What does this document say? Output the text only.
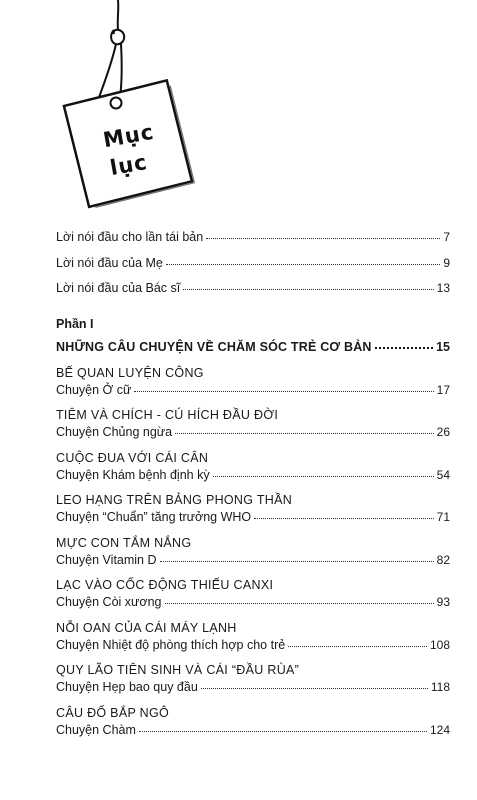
Mục
lục
Lời nói đầu cho lần tái bản	7
Lời nói đầu của Mẹ	9
Lời nói đầu của Bác sĩ	13
Phần I
NHỮNG CÂU CHUYỆN VỀ CHĂM SÓC TRẺ CƠ BẢN	15
BẾ QUAN LUYỆN CÔNG
Chuyện Ở cữ	17
TIÊM VÀ CHÍCH - CÚ HÍCH ĐẦU ĐỜI
Chuyện Chủng ngừa	26
CUỘC ĐUA VỚI CÁI CÂN
Chuyện Khám bệnh định kỳ	54
LEO HẠNG TRÊN BẢNG PHONG THẦN
Chuyện “Chuẩn” tăng trưởng WHO	71
MỰC CON TẮM NẮNG
Chuyện Vitamin D	82
LẠC VÀO CỐC ĐỘNG THIẾU CANXI
Chuyện Còi xương	93
NỖI OAN CỦA CÁI MÁY LẠNH
Chuyện Nhiệt độ phòng thích hợp cho trẻ	108
QUY LÃO TIÊN SINH VÀ CÁI “ĐẦU RÙA”
Chuyện Hẹp bao quy đầu	118
CÂU ĐỐ BẮP NGÔ
Chuyện Chàm	124
